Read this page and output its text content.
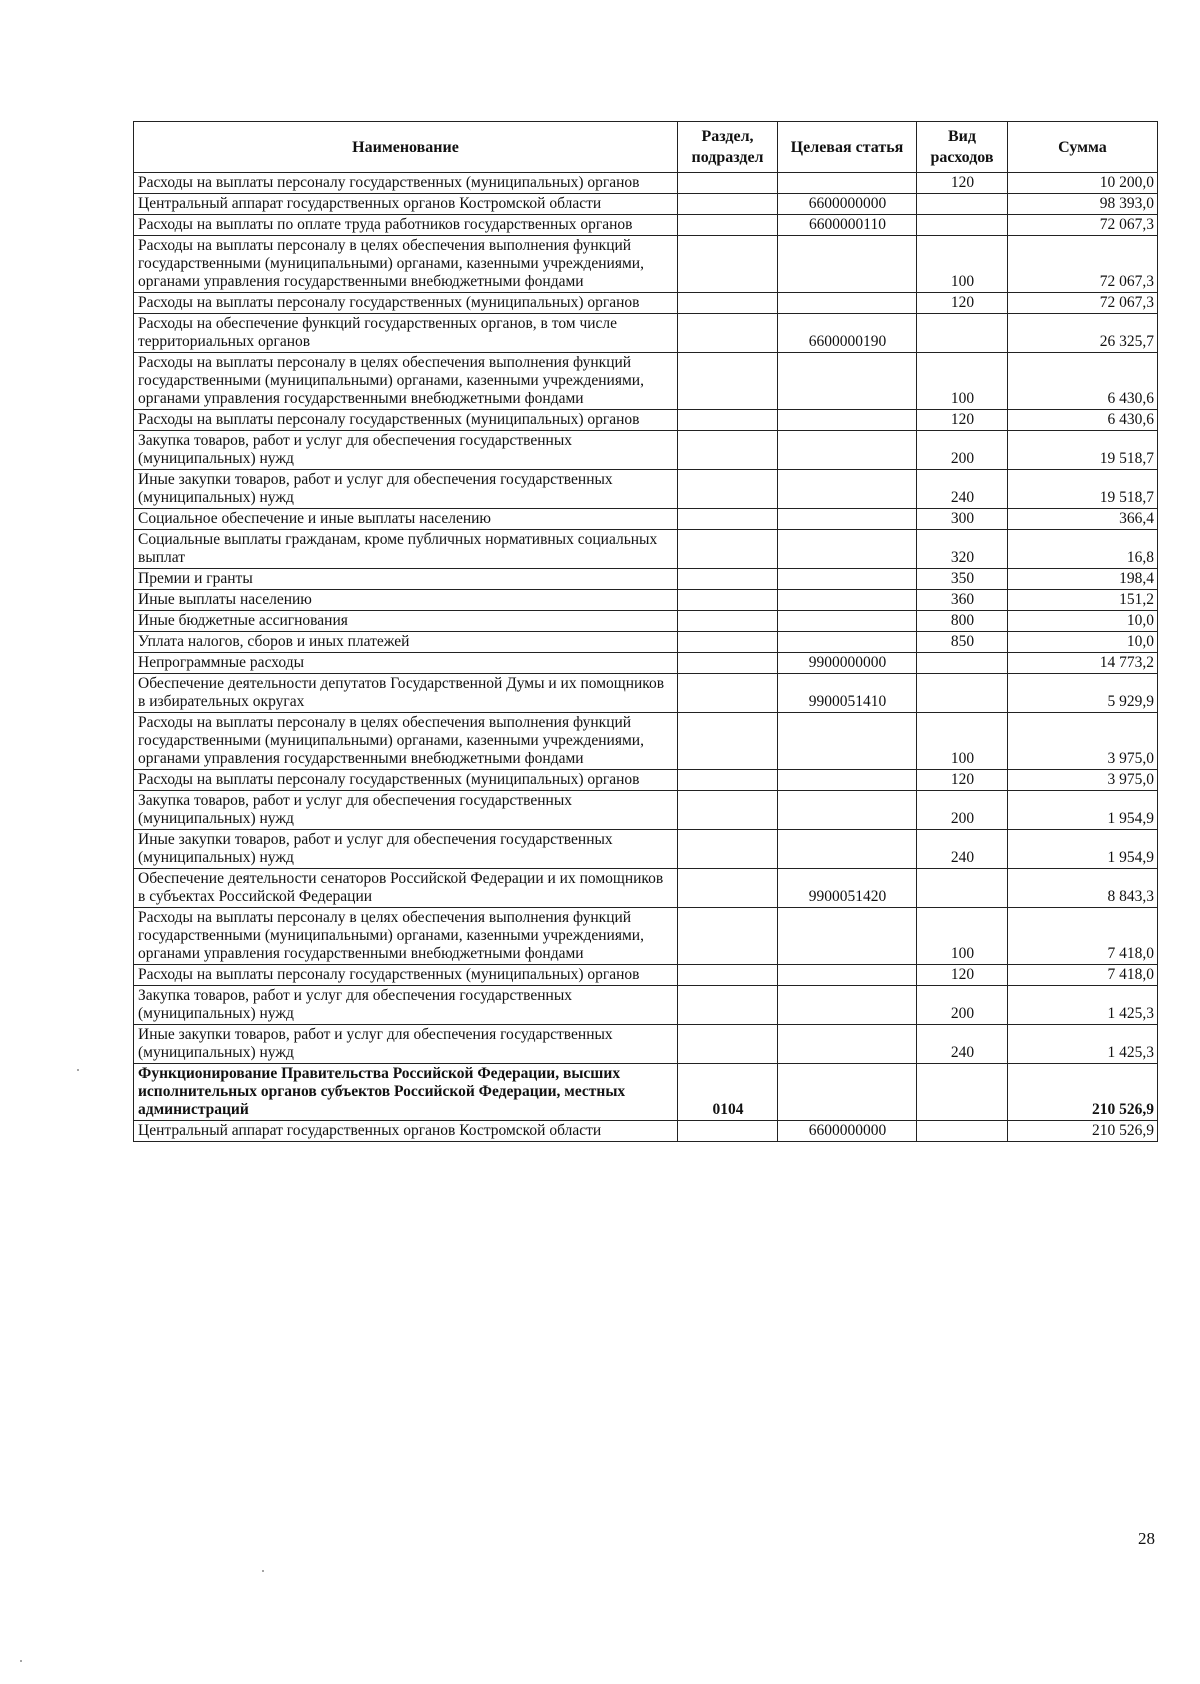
Наименование	Раздел, подраздел	Целевая статья	Вид расходов	Сумма
Расходы на выплаты персоналу государственных (муниципальных) органов			120	10 200,0
Центральный аппарат государственных органов Костромской области		6600000000		98 393,0
Расходы на выплаты по оплате труда работников государственных органов		6600000110		72 067,3
Расходы на выплаты персоналу в целях обеспечения выполнения функций государственными (муниципальными) органами, казенными учреждениями, органами управления государственными внебюджетными фондами			100	72 067,3
Расходы на выплаты персоналу государственных (муниципальных) органов			120	72 067,3
Расходы на обеспечение функций государственных органов, в том числе территориальных органов		6600000190		26 325,7
Расходы на выплаты персоналу в целях обеспечения выполнения функций государственными (муниципальными) органами, казенными учреждениями, органами управления государственными внебюджетными фондами			100	6 430,6
Расходы на выплаты персоналу государственных (муниципальных) органов			120	6 430,6
Закупка товаров, работ и услуг для обеспечения государственных (муниципальных) нужд			200	19 518,7
Иные закупки товаров, работ и услуг для обеспечения государственных (муниципальных) нужд			240	19 518,7
Социальное обеспечение и иные выплаты населению			300	366,4
Социальные выплаты гражданам, кроме публичных нормативных социальных выплат			320	16,8
Премии и гранты			350	198,4
Иные выплаты населению			360	151,2
Иные бюджетные ассигнования			800	10,0
Уплата налогов, сборов и иных платежей			850	10,0
Непрограммные расходы		9900000000		14 773,2
Обеспечение деятельности депутатов Государственной Думы и их помощников в избирательных округах		9900051410		5 929,9
Расходы на выплаты персоналу в целях обеспечения выполнения функций государственными (муниципальными) органами, казенными учреждениями, органами управления государственными внебюджетными фондами			100	3 975,0
Расходы на выплаты персоналу государственных (муниципальных) органов			120	3 975,0
Закупка товаров, работ и услуг для обеспечения государственных (муниципальных) нужд			200	1 954,9
Иные закупки товаров, работ и услуг для обеспечения государственных (муниципальных) нужд			240	1 954,9
Обеспечение деятельности сенаторов Российской Федерации и их помощников в субъектах Российской Федерации		9900051420		8 843,3
Расходы на выплаты персоналу в целях обеспечения выполнения функций государственными (муниципальными) органами, казенными учреждениями, органами управления государственными внебюджетными фондами			100	7 418,0
Расходы на выплаты персоналу государственных (муниципальных) органов			120	7 418,0
Закупка товаров, работ и услуг для обеспечения государственных (муниципальных) нужд			200	1 425,3
Иные закупки товаров, работ и услуг для обеспечения государственных (муниципальных) нужд			240	1 425,3
Функционирование Правительства Российской Федерации, высших исполнительных органов субъектов Российской Федерации, местных администраций	0104			210 526,9
Центральный аппарат государственных органов Костромской области		6600000000		210 526,9
28
